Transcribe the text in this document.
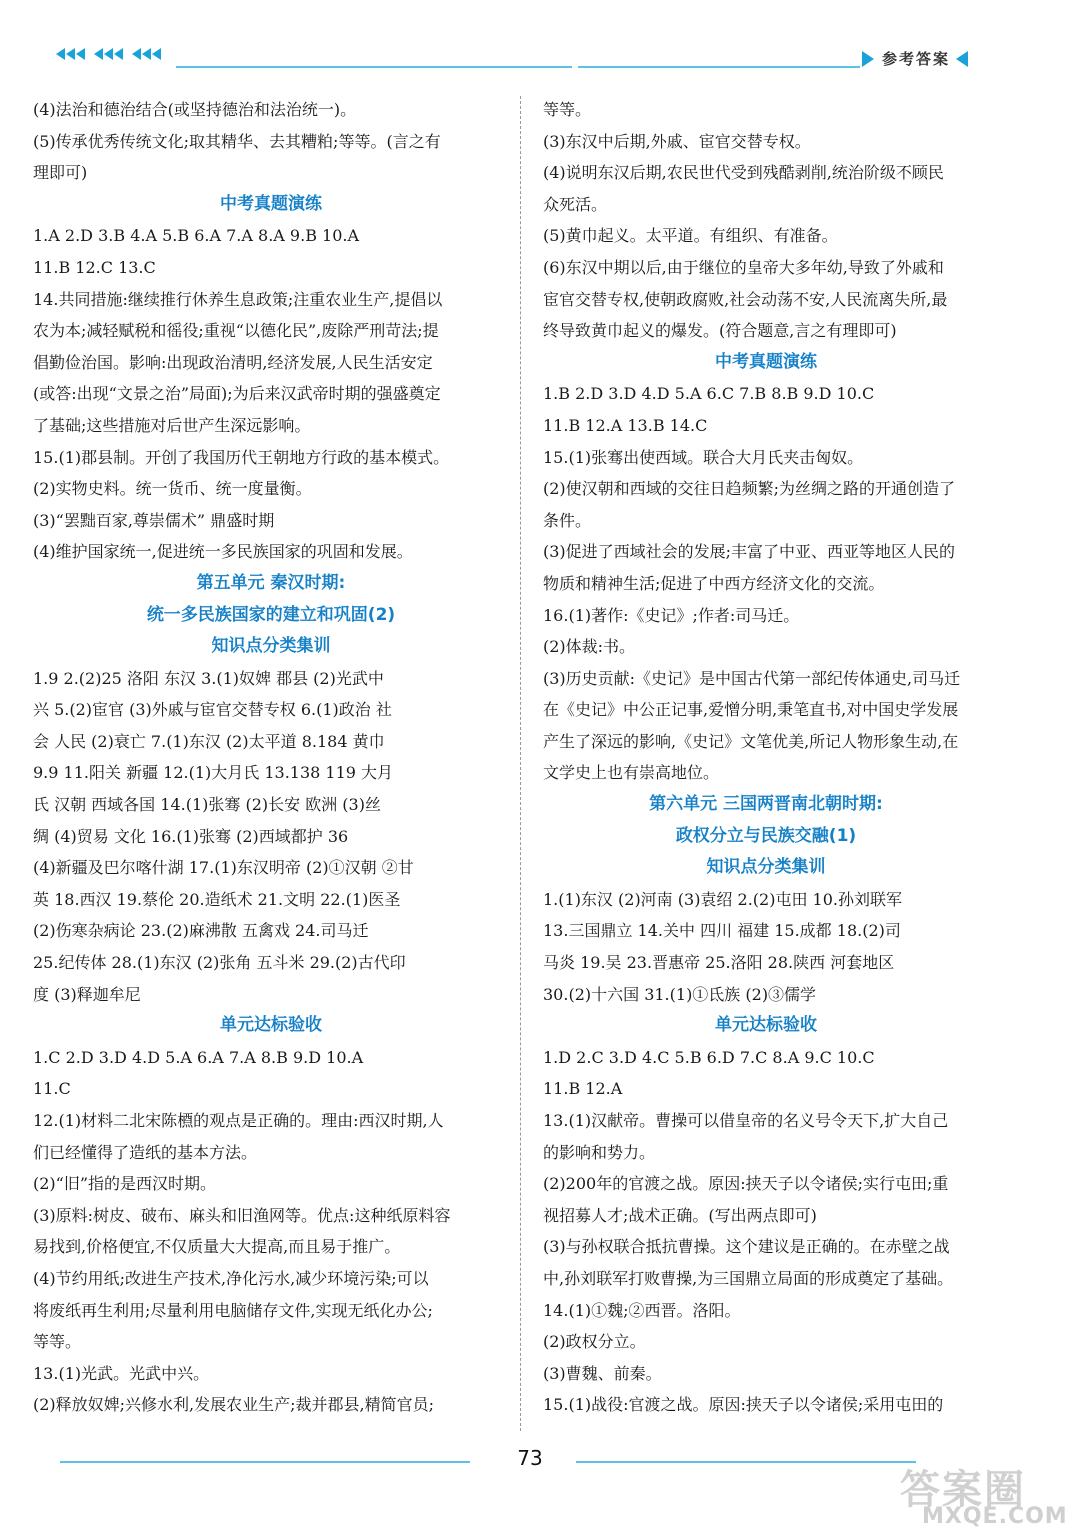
参考答案
(4)法治和德治结合(或坚持德治和法治统一)。
(5)传承优秀传统文化;取其精华、去其糟粕;等等。(言之有
理即可)
中考真题演练
1.A 2.D 3.B 4.A 5.B 6.A 7.A 8.A 9.B 10.A
11.B 12.C 13.C
14.共同措施:继续推行休养生息政策;注重农业生产,提倡以
农为本;减轻赋税和徭役;重视“以德化民”,废除严刑苛法;提
倡勤俭治国。影响:出现政治清明,经济发展,人民生活安定
(或答:出现“文景之治”局面);为后来汉武帝时期的强盛奠定
了基础;这些措施对后世产生深远影响。
15.(1)郡县制。开创了我国历代王朝地方行政的基本模式。
(2)实物史料。统一货币、统一度量衡。
(3)“罢黜百家,尊崇儒术” 鼎盛时期
(4)维护国家统一,促进统一多民族国家的巩固和发展。
第五单元 秦汉时期:
统一多民族国家的建立和巩固(2)
知识点分类集训
1.9 2.(2)25 洛阳 东汉 3.(1)奴婢 郡县 (2)光武中
兴 5.(2)宦官 (3)外戚与宦官交替专权 6.(1)政治 社
会 人民 (2)衰亡 7.(1)东汉 (2)太平道 8.184 黄巾
9.9 11.阳关 新疆 12.(1)大月氏 13.138 119 大月
氏 汉朝 西域各国 14.(1)张骞 (2)长安 欧洲 (3)丝
绸 (4)贸易 文化 16.(1)张骞 (2)西域都护 36
(4)新疆及巴尔喀什湖 17.(1)东汉明帝 (2)①汉朝 ②甘
英 18.西汉 19.蔡伦 20.造纸术 21.文明 22.(1)医圣
(2)伤寒杂病论 23.(2)麻沸散 五禽戏 24.司马迁
25.纪传体 28.(1)东汉 (2)张角 五斗米 29.(2)古代印
度 (3)释迦牟尼
单元达标验收
1.C 2.D 3.D 4.D 5.A 6.A 7.A 8.B 9.D 10.A
11.C
12.(1)材料二北宋陈槱的观点是正确的。理由:西汉时期,人
们已经懂得了造纸的基本方法。
(2)“旧”指的是西汉时期。
(3)原料:树皮、破布、麻头和旧渔网等。优点:这种纸原料容
易找到,价格便宜,不仅质量大大提高,而且易于推广。
(4)节约用纸;改进生产技术,净化污水,减少环境污染;可以
将废纸再生利用;尽量利用电脑储存文件,实现无纸化办公;
等等。
13.(1)光武。光武中兴。
(2)释放奴婢;兴修水利,发展农业生产;裁并郡县,精简官员;
等等。
(3)东汉中后期,外戚、宦官交替专权。
(4)说明东汉后期,农民世代受到残酷剥削,统治阶级不顾民
众死活。
(5)黄巾起义。太平道。有组织、有准备。
(6)东汉中期以后,由于继位的皇帝大多年幼,导致了外戚和
宦官交替专权,使朝政腐败,社会动荡不安,人民流离失所,最
终导致黄巾起义的爆发。(符合题意,言之有理即可)
中考真题演练
1.B 2.D 3.D 4.D 5.A 6.C 7.B 8.B 9.D 10.C
11.B 12.A 13.B 14.C
15.(1)张骞出使西域。联合大月氏夹击匈奴。
(2)使汉朝和西域的交往日趋频繁;为丝绸之路的开通创造了
条件。
(3)促进了西域社会的发展;丰富了中亚、西亚等地区人民的
物质和精神生活;促进了中西方经济文化的交流。
16.(1)著作:《史记》;作者:司马迁。
(2)体裁:书。
(3)历史贡献:《史记》是中国古代第一部纪传体通史,司马迁
在《史记》中公正记事,爱憎分明,秉笔直书,对中国史学发展
产生了深远的影响,《史记》文笔优美,所记人物形象生动,在
文学史上也有崇高地位。
第六单元 三国两晋南北朝时期:
政权分立与民族交融(1)
知识点分类集训
1.(1)东汉 (2)河南 (3)袁绍 2.(2)屯田 10.孙刘联军
13.三国鼎立 14.关中 四川 福建 15.成都 18.(2)司
马炎 19.吴 23.晋惠帝 25.洛阳 28.陕西 河套地区
30.(2)十六国 31.(1)①氐族 (2)③儒学
单元达标验收
1.D 2.C 3.D 4.C 5.B 6.D 7.C 8.A 9.C 10.C
11.B 12.A
13.(1)汉献帝。曹操可以借皇帝的名义号令天下,扩大自己
的影响和势力。
(2)200年的官渡之战。原因:挟天子以令诸侯;实行屯田;重
视招募人才;战术正确。(写出两点即可)
(3)与孙权联合抵抗曹操。这个建议是正确的。在赤壁之战
中,孙刘联军打败曹操,为三国鼎立局面的形成奠定了基础。
14.(1)①魏;②西晋。洛阳。
(2)政权分立。
(3)曹魏、前秦。
15.(1)战役:官渡之战。原因:挟天子以令诸侯;采用屯田的
73
答案圈
MXQE.COM
